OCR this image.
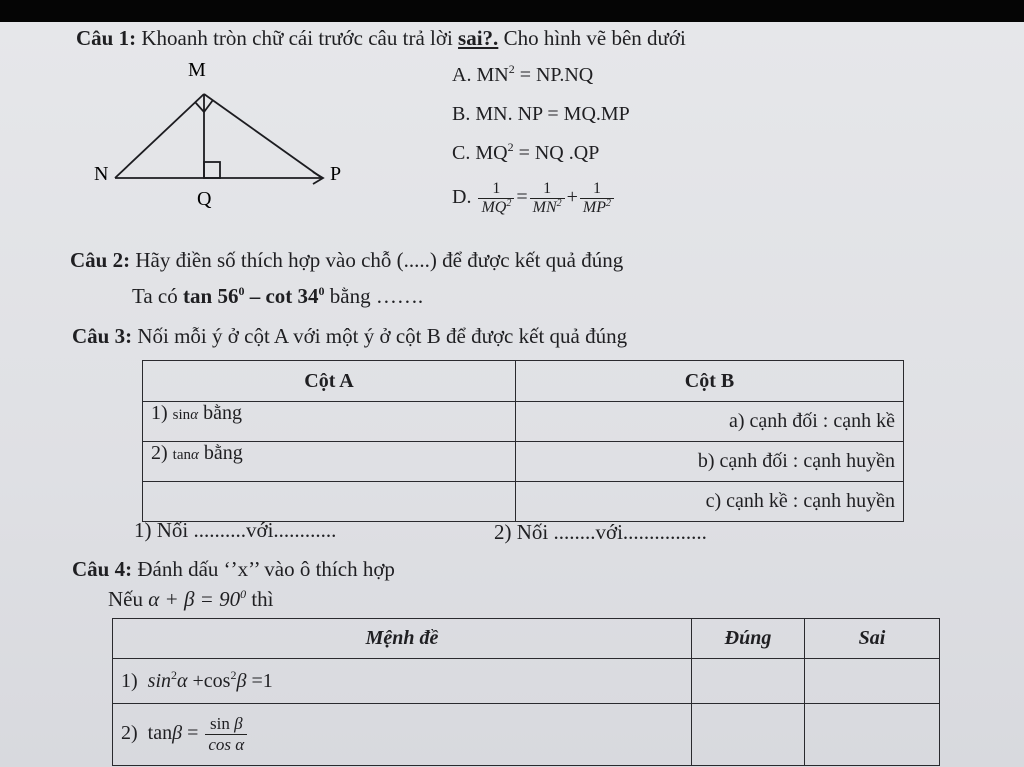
Câu 1: Khoanh tròn chữ cái trước câu trả lời sai?. Cho hình vẽ bên dưới
M
N	P
Q
A. $MN^2 = NP.NQ$
B. MN. NP = MQ.MP
C. $MQ^2$ = NQ .QP
D. $\frac{1}{MQ^2} = \frac{1}{MN^2} + \frac{1}{MP^2}$
Câu 2: Hãy điền số thích hợp vào chỗ (.....) để được kết quả đúng
Ta có $\tan 56^0$ – $\cot 34^0$ bằng …….
Câu 3: Nối mỗi ý ở cột A với một ý ở cột B để được kết quả đúng
Cột A	Cột B
1) sinα bằng	a) cạnh đối : cạnh kề
2) tanα bằng	b) cạnh đối : cạnh huyền
	c) cạnh kề : cạnh huyền
1) Nối ..........với............	2) Nối ........với................
Câu 4: Đánh dấu ‘’x’’ vào ô thích hợp
Nếu $\alpha + \beta = 90^0$ thì
Mệnh đề	Đúng	Sai
1)  $\sin^2\alpha +\cos^2\beta =1$		
2)  $\tan\beta = \frac{\text{sin β}}{\text{cos α}}$
